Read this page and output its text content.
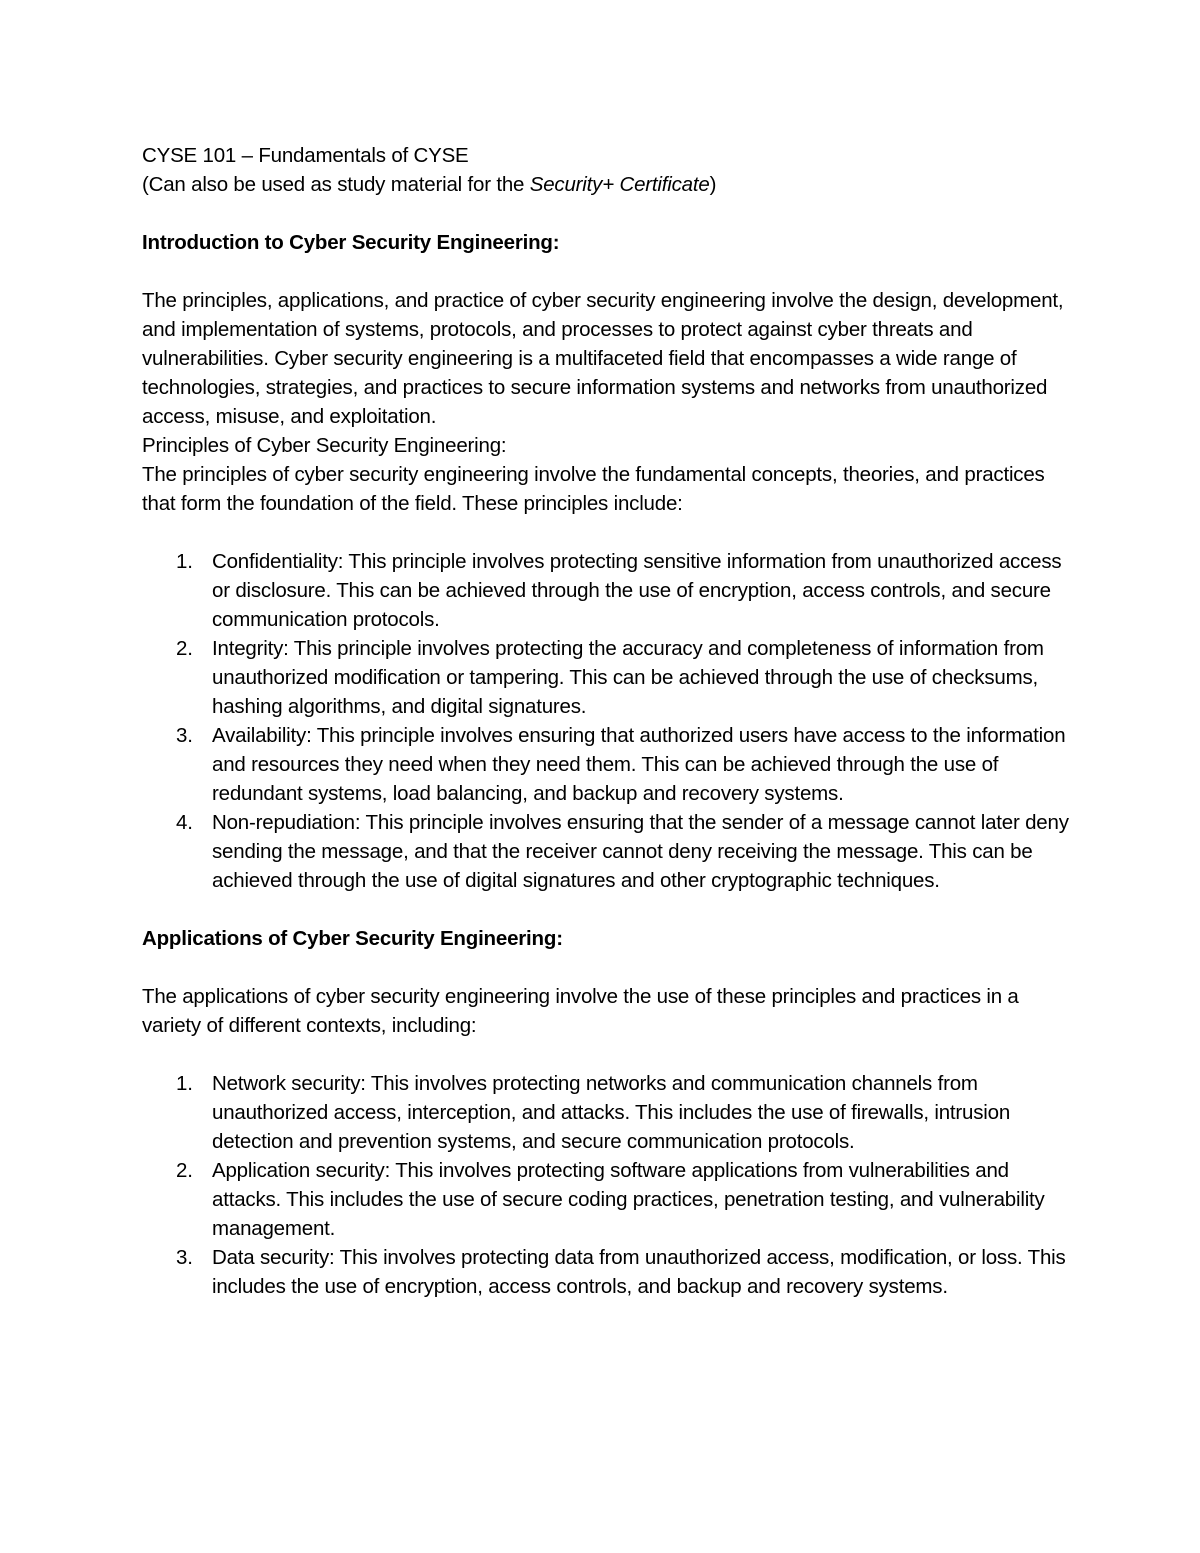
CYSE 101 – Fundamentals of CYSE

(Can also be used as study material for the Security+ Certificate)

Introduction to Cyber Security Engineering:

The principles, applications, and practice of cyber security engineering involve the design, development, and implementation of systems, protocols, and processes to protect against cyber threats and vulnerabilities. Cyber security engineering is a multifaceted field that encompasses a wide range of technologies, strategies, and practices to secure information systems and networks from unauthorized access, misuse, and exploitation.

Principles of Cyber Security Engineering:

The principles of cyber security engineering involve the fundamental concepts, theories, and practices that form the foundation of the field. These principles include:

1. Confidentiality: This principle involves protecting sensitive information from unauthorized access or disclosure. This can be achieved through the use of encryption, access controls, and secure communication protocols.
2. Integrity: This principle involves protecting the accuracy and completeness of information from unauthorized modification or tampering. This can be achieved through the use of checksums, hashing algorithms, and digital signatures.
3. Availability: This principle involves ensuring that authorized users have access to the information and resources they need when they need them. This can be achieved through the use of redundant systems, load balancing, and backup and recovery systems.
4. Non-repudiation: This principle involves ensuring that the sender of a message cannot later deny sending the message, and that the receiver cannot deny receiving the message. This can be achieved through the use of digital signatures and other cryptographic techniques.

Applications of Cyber Security Engineering:

The applications of cyber security engineering involve the use of these principles and practices in a variety of different contexts, including:

1. Network security: This involves protecting networks and communication channels from unauthorized access, interception, and attacks. This includes the use of firewalls, intrusion detection and prevention systems, and secure communication protocols.
2. Application security: This involves protecting software applications from vulnerabilities and attacks. This includes the use of secure coding practices, penetration testing, and vulnerability management.
3. Data security: This involves protecting data from unauthorized access, modification, or loss. This includes the use of encryption, access controls, and backup and recovery systems.
